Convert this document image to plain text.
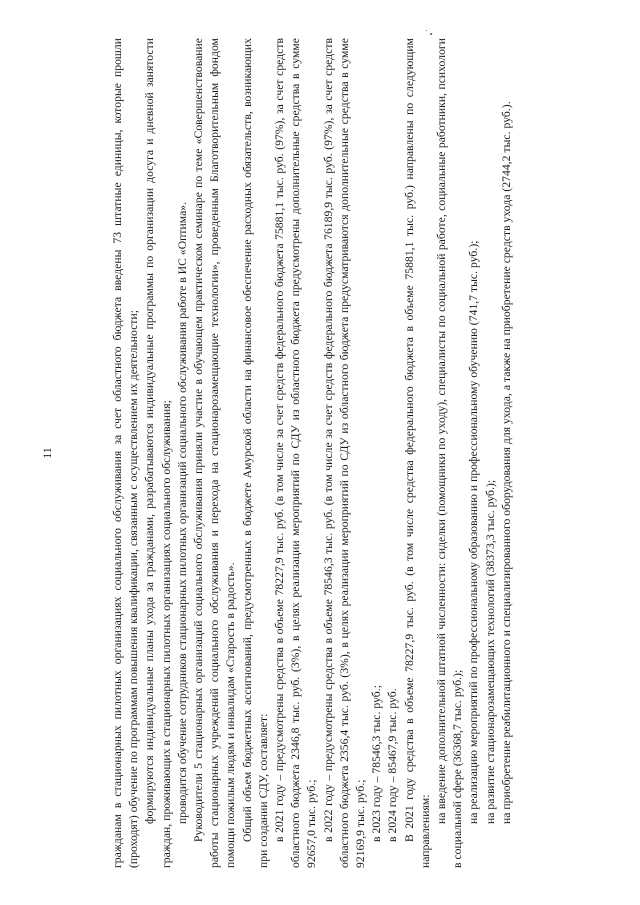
11	гражданам в стационарных пилотных организациях социального обслуживания за счет областного бюджета введены 73 штатные единицы, которые прошли (проходят) обучение по программам повышения квалификации, связанным с осуществлением их деятельности; формируются индивидуальные планы ухода за гражданами, разрабатываются индивидуальные программы по организации досуга и дневной занятости граждан, проживающих в стационарных пилотных организациях социального обслуживания; проводится обучение сотрудников стационарных пилотных организаций социального обслуживания работе в ИС «Оптима». Руководители 5 стационарных организаций социального обслуживания приняли участие в обучающем практическом семинаре по теме «Совершенствование работы стационарных учреждений социального обслуживания и перехода на стационарозамещающие технологии», проведенным Благотворительным фондом помощи пожилым людям и инвалидам «Старость в радость». Общий объем бюджетных ассигнований, предусмотренных в бюджете Амурской области на финансовое обеспечение расходных обязательств, возникающих при создании СДУ, составляет: в 2021 году – предусмотрены средства в объеме 78227,9 тыс. руб. (в том числе за счет средств федерального бюджета 75881,1 тыс. руб. (97%), за счет средств областного бюджета 2346,8 тыс. руб. (3%), в целях реализации мероприятий по СДУ из областного бюджета предусмотрены дополнительные средства в сумме 92657,0 тыс. руб.; в 2022 году – предусмотрены средства в объеме 78546,3 тыс. руб. (в том числе за счет средств федерального бюджета 76189,9 тыс. руб. (97%), за счет средств областного бюджета 2356,4 тыс. руб. (3%), в целях реализации мероприятий по СДУ из областного бюджета предусматриваются дополнительные средства в сумме 92169,9 тыс. руб.; в 2023 году – 78546,3 тыс. руб.; в 2024 году – 85467,9 тыс. руб. В 2021 году средства в объеме 78227,9 тыс. руб. (в том числе средства федерального бюджета в объеме 75881,1 тыс. руб.) направлены по следующим направлениям:

на введение дополнительной штатной численности: сиделки (помощники по уходу), специалисты по социальной работе, социальные работники, психологи в социальной сфере (36368,7 тыс. руб.); на реализацию мероприятий по профессиональному образованию и профессиональному обучению (741,7 тыс. руб.); на развитие стационарозамещающих технологий (38373,3 тыс. руб.); на приобретение реабилитационного и специализированного оборудования для ухода, а также на приобретение средств ухода (2744,2 тыс. руб.).
